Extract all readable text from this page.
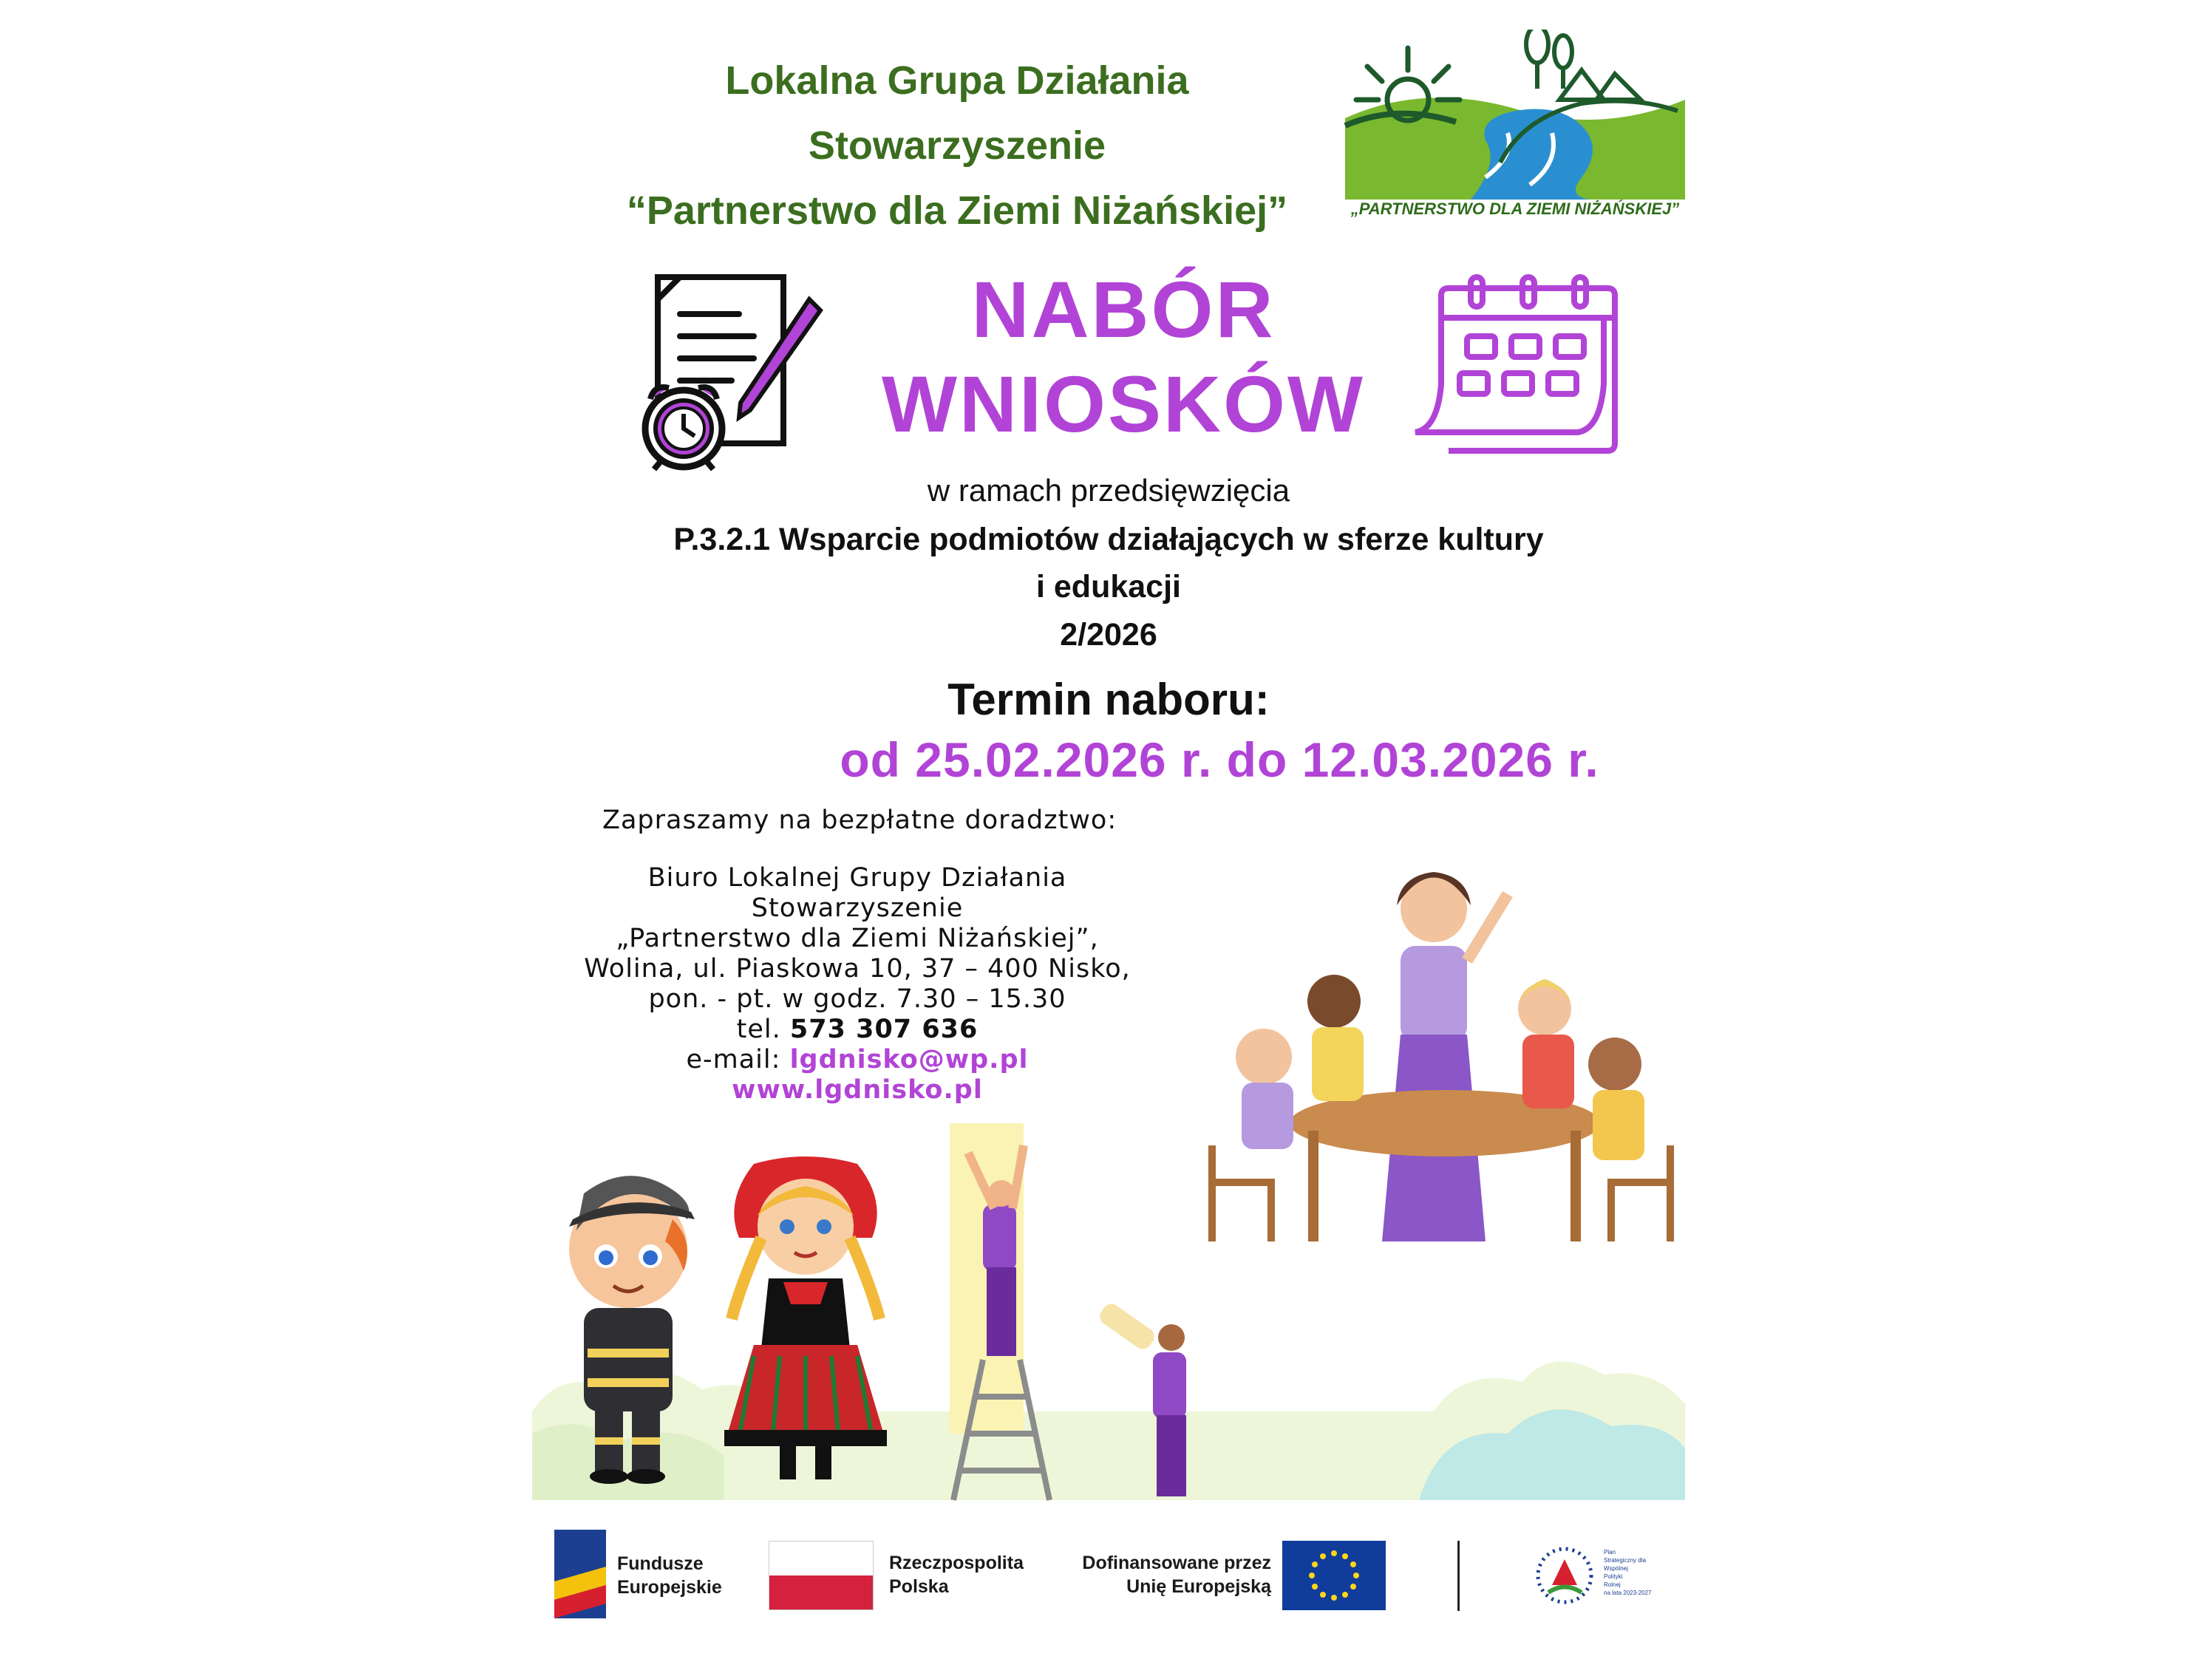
Lokalna Grupa Działania
Stowarzyszenie
“Partnerstwo dla Ziemi Niżańskiej”	„PARTNERSTWO DLA ZIEMI NIŻAŃSKIEJ”
NABÓR
WNIOSKÓW
w ramach przedsięwzięcia
P.3.2.1 Wsparcie podmiotów działających w sferze kultury
i edukacji
2/2026
Termin naboru:
od 25.02.2026 r. do 12.03.2026 r.
Zapraszamy na bezpłatne doradztwo:
Biuro Lokalnej Grupy Działania
Stowarzyszenie
„Partnerstwo dla Ziemi Niżańskiej”,
Wolina, ul. Piaskowa 10, 37 – 400 Nisko,
pon. - pt. w godz. 7.30 – 15.30
tel. 573 307 636
e-mail: lgdnisko@wp.pl
www.lgdnisko.pl
Fundusze
Europejskie
Rzeczpospolita
Polska
Dofinansowane przez
Unię Europejską
Plan
Strategiczny dla
Wspólnej
Polityki
Rolnej
na lata 2023-2027
